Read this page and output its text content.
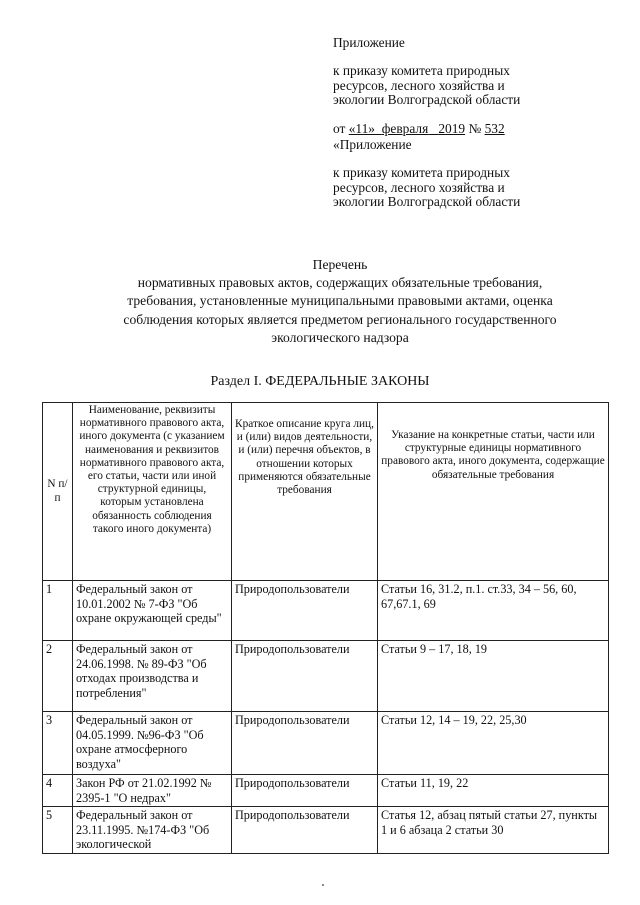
Приложение
к приказу комитета природных
ресурсов, лесного хозяйства и
экологии Волгоградской области
от «11» февраля 2019 № 532
«Приложение
к приказу комитета природных
ресурсов, лесного хозяйства и
экологии Волгоградской области
Перечень
нормативных правовых актов, содержащих обязательные требования,
требования, установленные муниципальными правовыми актами, оценка
соблюдения которых является предметом регионального государственного
экологического надзора
Раздел I. ФЕДЕРАЛЬНЫЕ ЗАКОНЫ
N п/п	Наименование, реквизиты нормативного правового акта, иного документа (с указанием наименования и реквизитов нормативного правового акта, его статьи, части или иной структурной единицы, которым установлена обязанность соблюдения такого иного документа)	Краткое описание круга лиц, и (или) видов деятельности, и (или) перечня объектов, в отношении которых применяются обязательные требования	Указание на конкретные статьи, части или структурные единицы нормативного правового акта, иного документа, содержащие обязательные требования
1	Федеральный закон от 10.01.2002 № 7-ФЗ "Об охране окружающей среды"	Природопользователи	Статьи 16, 31.2, п.1. ст.33, 34 – 56, 60, 67,67.1, 69
2	Федеральный закон от 24.06.1998. № 89-ФЗ "Об отходах производства и потребления"	Природопользователи	Статьи 9 – 17, 18, 19
3	Федеральный закон от 04.05.1999. №96-ФЗ "Об охране атмосферного воздуха"	Природопользователи	Статьи 12, 14 – 19, 22, 25,30
4	Закон РФ от 21.02.1992 № 2395-1 "О недрах"	Природопользователи	Статьи 11, 19, 22
5	Федеральный закон от 23.11.1995. №174-ФЗ "Об экологической	Природопользователи	Статья 12, абзац пятый статьи 27, пункты 1 и 6 абзаца 2 статьи 30
